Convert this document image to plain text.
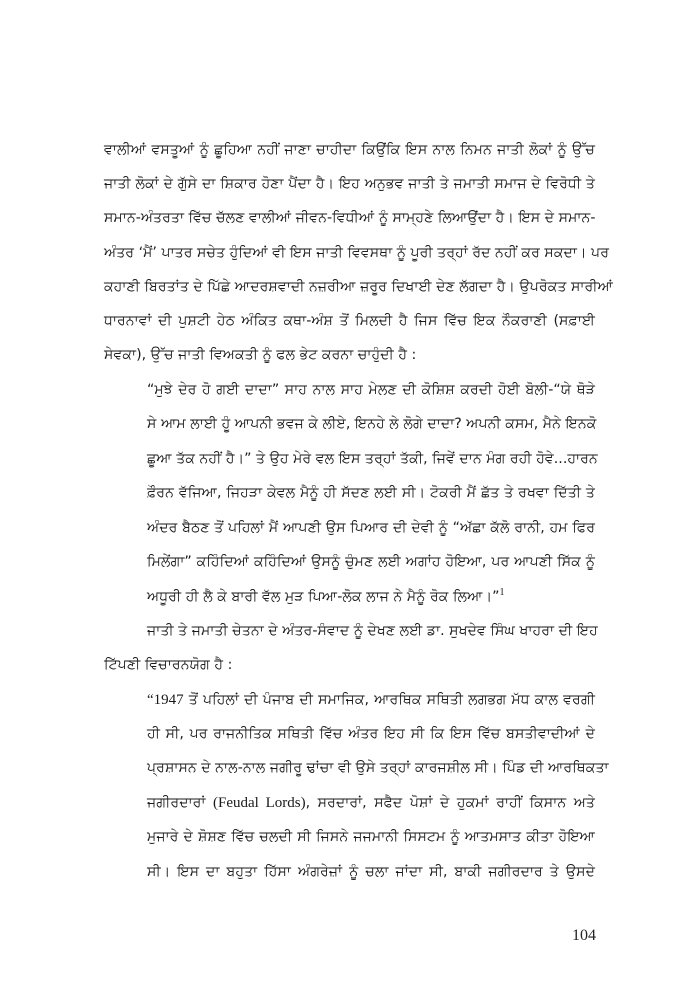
ਵਾਲੀਆਂ ਵਸਤੂਆਂ ਨੂੰ ਛੂਹਿਆ ਨਹੀਂ ਜਾਣਾ ਚਾਹੀਦਾ ਕਿਉਂਕਿ ਇਸ ਨਾਲ ਨਿਮਨ ਜਾਤੀ ਲੋਕਾਂ ਨੂੰ ਉੱਚ
ਜਾਤੀ ਲੋਕਾਂ ਦੇ ਗੁੱਸੇ ਦਾ ਸ਼ਿਕਾਰ ਹੋਣਾ ਪੈਂਦਾ ਹੈ। ਇਹ ਅਨੁਭਵ ਜਾਤੀ ਤੇ ਜਮਾਤੀ ਸਮਾਜ ਦੇ ਵਿਰੋਧੀ ਤੇ
ਸਮਾਨ-ਅੰਤਰਤਾ ਵਿੱਚ ਚੱਲਣ ਵਾਲੀਆਂ ਜੀਵਨ-ਵਿਧੀਆਂ ਨੂੰ ਸਾਮ੍ਹਣੇ ਲਿਆਉਂਦਾ ਹੈ। ਇਸ ਦੇ ਸਮਾਨ-
ਅੰਤਰ ‘ਮੈਂ’ ਪਾਤਰ ਸਚੇਤ ਹੁੰਦਿਆਂ ਵੀ ਇਸ ਜਾਤੀ ਵਿਵਸਥਾ ਨੂੰ ਪੂਰੀ ਤਰ੍ਹਾਂ ਰੱਦ ਨਹੀਂ ਕਰ ਸਕਦਾ। ਪਰ
ਕਹਾਣੀ ਬਿਰਤਾਂਤ ਦੇ ਪਿੱਛੇ ਆਦਰਸ਼ਵਾਦੀ ਨਜ਼ਰੀਆ ਜ਼ਰੂਰ ਦਿਖਾਈ ਦੇਣ ਲੱਗਦਾ ਹੈ। ਉਪਰੋਕਤ ਸਾਰੀਆਂ
ਧਾਰਨਾਵਾਂ ਦੀ ਪੁਸ਼ਟੀ ਹੇਠ ਅੰਕਿਤ ਕਥਾ-ਅੰਸ਼ ਤੋਂ ਮਿਲਦੀ ਹੈ ਜਿਸ ਵਿੱਚ ਇਕ ਨੌਕਰਾਣੀ (ਸਫ਼ਾਈ
ਸੇਵਕਾ), ਉੱਚ ਜਾਤੀ ਵਿਅਕਤੀ ਨੂੰ ਫਲ ਭੇਟ ਕਰਨਾ ਚਾਹੁੰਦੀ ਹੈ :
“ਮੁਝੇ ਦੇਰ ਹੋ ਗਈ ਦਾਦਾ” ਸਾਹ ਨਾਲ ਸਾਹ ਮੇਲਣ ਦੀ ਕੋਸ਼ਿਸ਼ ਕਰਦੀ ਹੋਈ ਬੋਲੀ-“ਯੇ ਥੋੜੇ
ਸੇ ਆਮ ਲਾਈ ਹੂੰ ਆਪਨੀ ਭਵਜ ਕੇ ਲੀਏ, ਇਨਹੇ ਲੇ ਲੋਗੇ ਦਾਦਾ? ਅਪਨੀ ਕਸਮ, ਮੈਨੇ ਇਨਕੋ
ਛੂਆ ਤੱਕ ਨਹੀਂ ਹੈ।” ਤੇ ਉਹ ਮੇਰੇ ਵਲ ਇਸ ਤਰ੍ਹਾਂ ਤੱਕੀ, ਜਿਵੇਂ ਦਾਨ ਮੰਗ ਰਹੀ ਹੋਵੇ...ਹਾਰਨ
ਫ਼ੌਰਨ ਵੱਜਿਆ, ਜਿਹੜਾ ਕੇਵਲ ਮੈਨੂੰ ਹੀ ਸੱਦਣ ਲਈ ਸੀ। ਟੋਕਰੀ ਮੈਂ ਛੱਤ ਤੇ ਰਖਵਾ ਦਿੱਤੀ ਤੇ
ਅੰਦਰ ਬੈਠਣ ਤੋਂ ਪਹਿਲਾਂ ਮੈਂ ਆਪਣੀ ਉਸ ਪਿਆਰ ਦੀ ਦੇਵੀ ਨੂੰ “ਅੱਛਾ ਕੱਲੋ ਰਾਨੀ, ਹਮ ਫਿਰ
ਮਿਲੇਂਗਾ” ਕਹਿੰਦਿਆਂ ਕਹਿੰਦਿਆਂ ਉਸਨੂੰ ਚੁੰਮਣ ਲਈ ਅਗਾਂਹ ਹੋਇਆ, ਪਰ ਆਪਣੀ ਸਿੱਕ ਨੂੰ
ਅਧੂਰੀ ਹੀ ਲੈ ਕੇ ਬਾਰੀ ਵੱਲ ਮੁੜ ਪਿਆ-ਲੋਕ ਲਾਜ ਨੇ ਮੈਨੂੰ ਰੋਕ ਲਿਆ।”$^1$
ਜਾਤੀ ਤੇ ਜਮਾਤੀ ਚੇਤਨਾ ਦੇ ਅੰਤਰ-ਸੰਵਾਦ ਨੂੰ ਦੇਖਣ ਲਈ ਡਾ. ਸੁਖਦੇਵ ਸਿੰਘ ਖਾਹਰਾ ਦੀ ਇਹ
ਟਿੱਪਣੀ ਵਿਚਾਰਨਯੋਗ ਹੈ :
“1947 ਤੋਂ ਪਹਿਲਾਂ ਦੀ ਪੰਜਾਬ ਦੀ ਸਮਾਜਿਕ, ਆਰਥਿਕ ਸਥਿਤੀ ਲਗਭਗ ਮੱਧ ਕਾਲ ਵਰਗੀ
ਹੀ ਸੀ, ਪਰ ਰਾਜਨੀਤਿਕ ਸਥਿਤੀ ਵਿੱਚ ਅੰਤਰ ਇਹ ਸੀ ਕਿ ਇਸ ਵਿੱਚ ਬਸਤੀਵਾਦੀਆਂ ਦੇ
ਪ੍ਰਸ਼ਾਸਨ ਦੇ ਨਾਲ-ਨਾਲ ਜਗੀਰੂ ਢਾਂਚਾ ਵੀ ਉਸੇ ਤਰ੍ਹਾਂ ਕਾਰਜਸ਼ੀਲ ਸੀ। ਪਿੰਡ ਦੀ ਆਰਥਿਕਤਾ
ਜਗੀਰਦਾਰਾਂ (Feudal Lords), ਸਰਦਾਰਾਂ, ਸਫੈਦ ਪੋਸ਼ਾਂ ਦੇ ਹੁਕਮਾਂ ਰਾਹੀਂ ਕਿਸਾਨ ਅਤੇ
ਮੁਜਾਰੇ ਦੇ ਸ਼ੋਸ਼ਣ ਵਿੱਚ ਚਲਦੀ ਸੀ ਜਿਸਨੇ ਜਜਮਾਨੀ ਸਿਸਟਮ ਨੂੰ ਆਤਮਸਾਤ ਕੀਤਾ ਹੋਇਆ
ਸੀ। ਇਸ ਦਾ ਬਹੁਤਾ ਹਿੱਸਾ ਅੰਗਰੇਜ਼ਾਂ ਨੂੰ ਚਲਾ ਜਾਂਦਾ ਸੀ, ਬਾਕੀ ਜਗੀਰਦਾਰ ਤੇ ਉਸਦੇ
104
